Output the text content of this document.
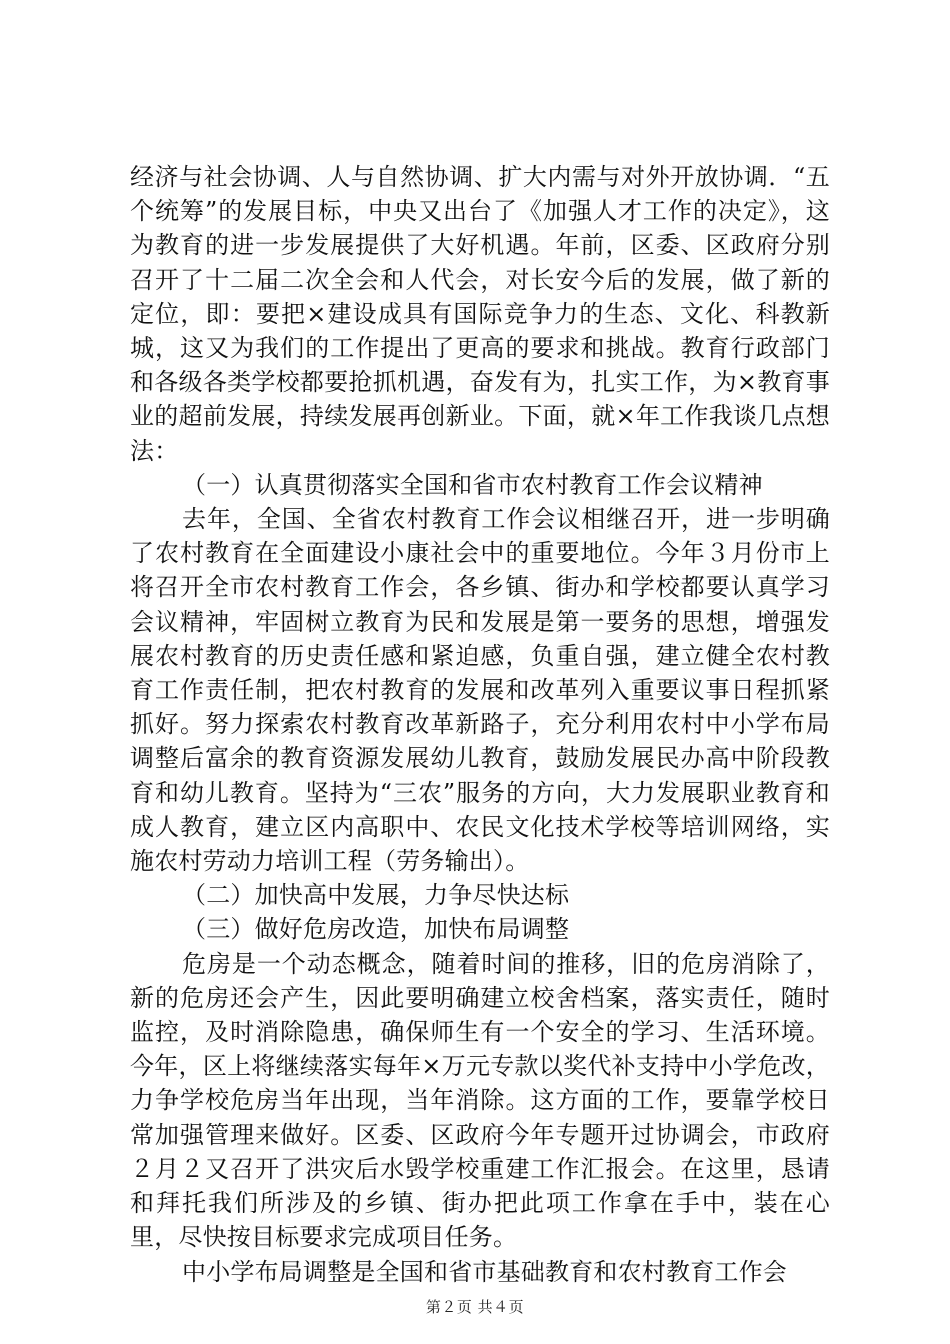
经济与社会协调、人与自然协调、扩大内需与对外开放协调．“五个统筹”的发展目标，中央又出台了《加强人才工作的决定》，这为教育的进一步发展提供了大好机遇。年前，区委、区政府分别召开了十二届二次全会和人代会，对长安今后的发展，做了新的定位，即：要把×建设成具有国际竞争力的生态、文化、科教新城，这又为我们的工作提出了更高的要求和挑战。教育行政部门和各级各类学校都要抢抓机遇，奋发有为，扎实工作，为×教育事业的超前发展，持续发展再创新业。下面，就×年工作我谈几点想法：

（一）认真贯彻落实全国和省市农村教育工作会议精神

去年，全国、全省农村教育工作会议相继召开，进一步明确了农村教育在全面建设小康社会中的重要地位。今年３月份市上将召开全市农村教育工作会，各乡镇、街办和学校都要认真学习会议精神，牢固树立教育为民和发展是第一要务的思想，增强发展农村教育的历史责任感和紧迫感，负重自强，建立健全农村教育工作责任制，把农村教育的发展和改革列入重要议事日程抓紧抓好。努力探索农村教育改革新路子，充分利用农村中小学布局调整后富余的教育资源发展幼儿教育，鼓励发展民办高中阶段教育和幼儿教育。坚持为“三农”服务的方向，大力发展职业教育和成人教育，建立区内高职中、农民文化技术学校等培训网络，实施农村劳动力培训工程（劳务输出）。

（二）加快高中发展，力争尽快达标

（三）做好危房改造，加快布局调整

危房是一个动态概念，随着时间的推移，旧的危房消除了，新的危房还会产生，因此要明确建立校舍档案，落实责任，随时监控，及时消除隐患，确保师生有一个安全的学习、生活环境。今年，区上将继续落实每年×万元专款以奖代补支持中小学危改，力争学校危房当年出现，当年消除。这方面的工作，要靠学校日常加强管理来做好。区委、区政府今年专题开过协调会，市政府２月２又召开了洪灾后水毁学校重建工作汇报会。在这里，恳请和拜托我们所涉及的乡镇、街办把此项工作拿在手中，装在心里，尽快按目标要求完成项目任务。

中小学布局调整是全国和省市基础教育和农村教育工作会

第２页 共４页
